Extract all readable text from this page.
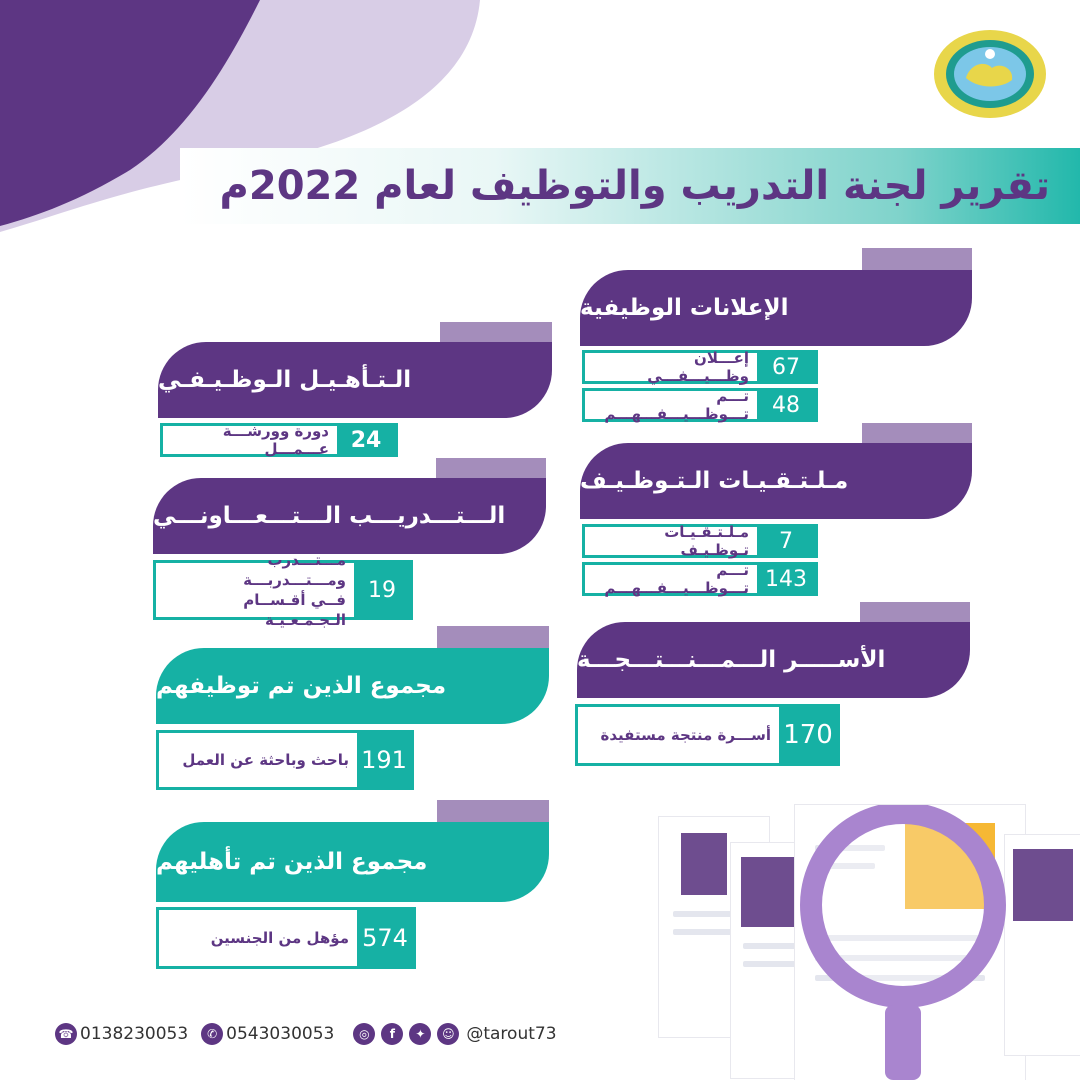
تقرير لجنة التدريب والتوظيف لعام 2022م
الإعلانات الوظيفية
67
إعـــلان وظـــيـــفـــي
48
تـــم تـــوظـــيـــفـــهـــم
مـلـتـقـيـات الـتـوظـيـف
7
مـلـتـقـيـات تـوظـيـف
143
تـــم تـــوظـــيـــفـــهـــم
الأســـــر الـــمـــنـــتـــجـــة
170
أســـرة منتجة مستفيدة
الـتـأهـيـل الـوظـيـفـي
24
دورة وورشـــة عـــمـــل
الـــتـــدريـــب الـــتـــعـــاونـــي
19
مـــتـــدرب ومـــتـــدربـــة
فــي أقـســام الـجـمـعـيـة
مجموع الذين تم توظيفهم
191
باحث وباحثة عن العمل
مجموع الذين تم تأهليهم
574
مؤهل من الجنسين
☎ 0138230053	✆ 0543030053	◎	f	✦	☺ @tarout73
